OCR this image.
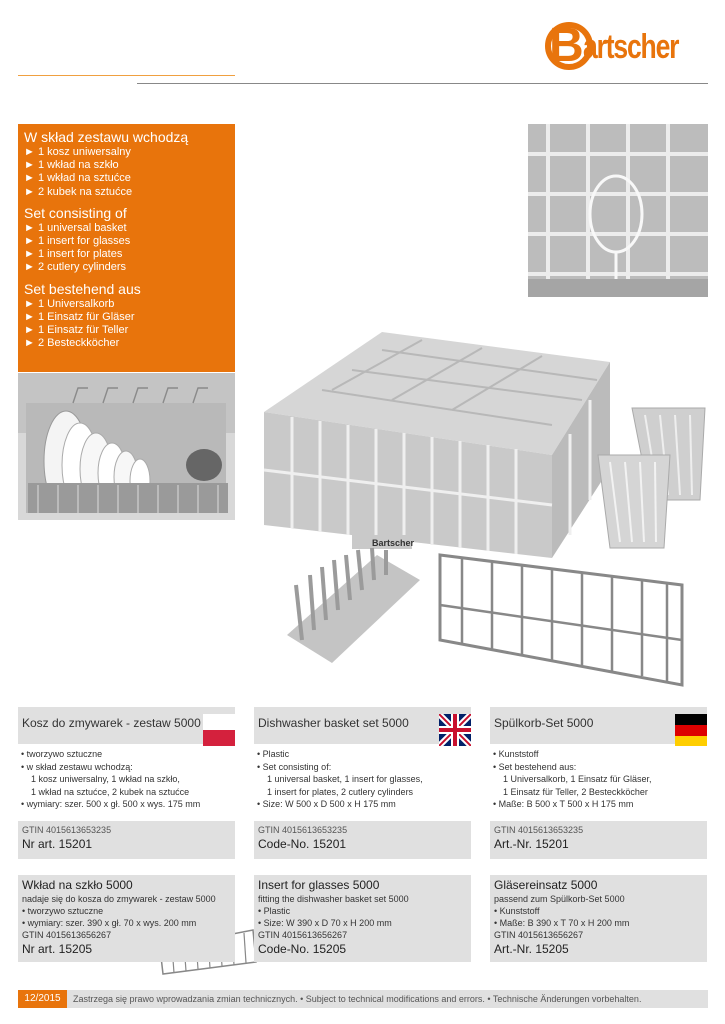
B artscher
W skład zestawu wchodzą
► 1 kosz uniwersalny
► 1 wkład na szkło
► 1 wkład na sztućce
► 2 kubek na sztućce
Set consisting of
► 1 universal basket
► 1 insert for glasses
► 1 insert for plates
► 2 cutlery cylinders
Set bestehend aus
► 1 Universalkorb
► 1 Einsatz für Gläser
► 1 Einsatz für Teller
► 2 Besteckköcher
Bartscher
Kosz do zmywarek - zestaw 5000
• tworzywo sztuczne
• w skład zestawu wchodzą:
1 kosz uniwersalny, 1 wkład na szkło,
1 wkład na sztućce, 2 kubek na sztućce
• wymiary: szer. 500 x gł. 500 x wys. 175 mm
GTIN 4015613653235
Nr art. 15201
Dishwasher basket set 5000
• Plastic
• Set consisting of:
1 universal basket, 1 insert for glasses,
1 insert for plates, 2 cutlery cylinders
• Size: W 500 x D 500 x H 175 mm
GTIN 4015613653235
Code-No. 15201
Spülkorb-Set 5000
• Kunststoff
• Set bestehend aus:
1 Universalkorb, 1 Einsatz für Gläser,
1 Einsatz für Teller, 2 Besteckköcher
• Maße: B 500 x T 500 x H 175 mm
GTIN 4015613653235
Art.-Nr. 15201
Wkład na szkło 5000
nadaje się do kosza do zmywarek - zestaw 5000
• tworzywo sztuczne
• wymiary: szer. 390 x gł. 70 x wys. 200 mm
GTIN 4015613656267
Nr art. 15205
Insert for glasses 5000
fitting the dishwasher basket set 5000
• Plastic
• Size: W 390 x D 70 x H 200 mm
GTIN 4015613656267
Code-No. 15205
Gläsereinsatz 5000
passend zum Spülkorb-Set 5000
• Kunststoff
• Maße: B 390 x T 70 x H 200 mm
GTIN 4015613656267
Art.-Nr. 15205
12/2015	Zastrzega się prawo wprowadzania zmian technicznych. • Subject to technical modifications and errors. • Technische Änderungen vorbehalten.
